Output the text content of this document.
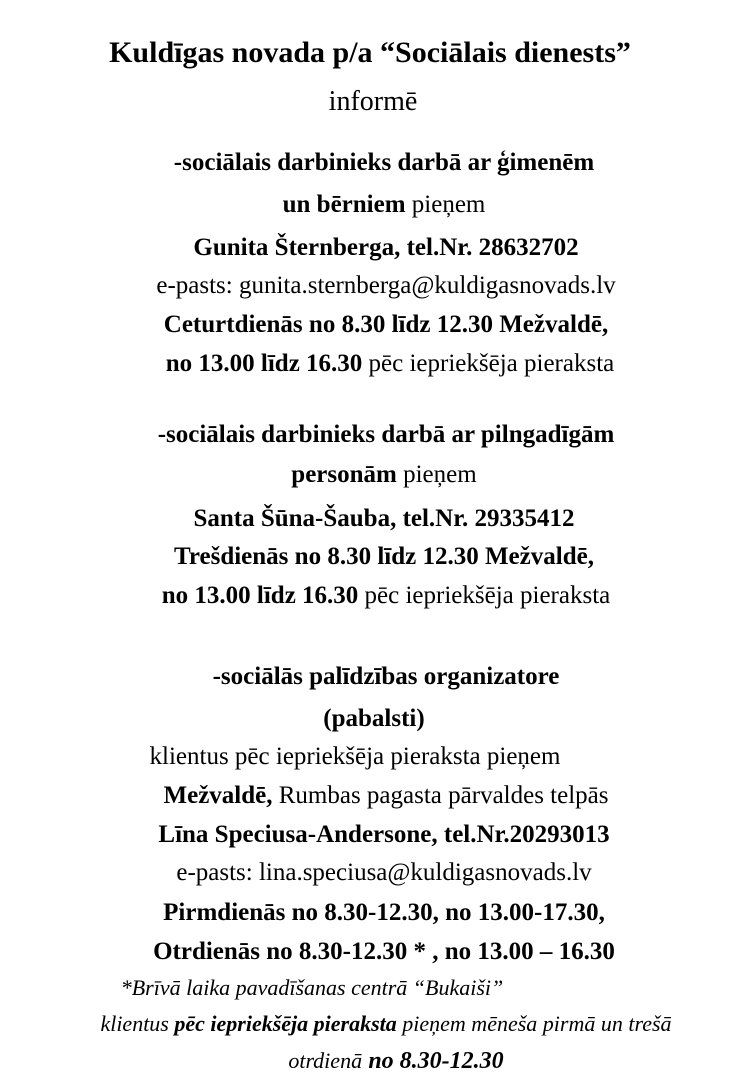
Kuldīgas novada p/a “Sociālais dienests”
informē
-sociālais darbinieks darbā ar ģimenēm
un bērniem pieņem
Gunita Šternberga, tel.Nr. 28632702
e-pasts: gunita.sternberga@kuldigasnovads.lv
Ceturtdienās no 8.30 līdz 12.30 Mežvaldē,
no 13.00 līdz 16.30 pēc iepriekšēja pieraksta
-sociālais darbinieks darbā ar pilngadīgām
personām pieņem
Santa Šūna-Šauba, tel.Nr. 29335412
Trešdienās no 8.30 līdz 12.30 Mežvaldē,
no 13.00 līdz 16.30 pēc iepriekšēja pieraksta
-sociālās palīdzības organizatore
(pabalsti)
klientus pēc iepriekšēja pieraksta pieņem
Mežvaldē, Rumbas pagasta pārvaldes telpās
Līna Speciusa-Andersone, tel.Nr.20293013
e-pasts: lina.speciusa@kuldigasnovads.lv
Pirmdienās no 8.30-12.30, no 13.00-17.30,
Otrdienās no 8.30-12.30 * , no 13.00 – 16.30
*Brīvā laika pavadīšanas centrā “Bukaiši”
klientus pēc iepriekšēja pieraksta pieņem mēneša pirmā un trešā
otrdienā no 8.30-12.30
